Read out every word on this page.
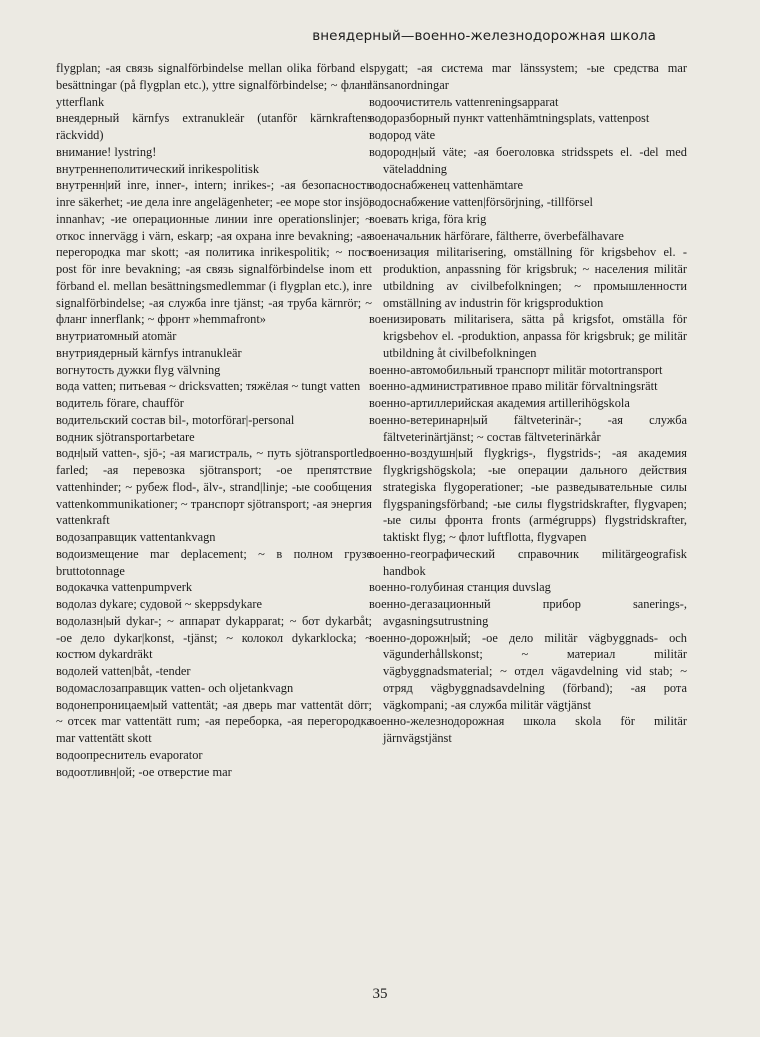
внеядерный—военно-железнодорожная школа

flygplan; -ая связь signalförbindelse mellan olika förband el. besättningar (på flygplan etc.), yttre signalförbindelse; ~ фланг ytterflank

внеядерный kärnfys extranukleär (utanför kärnkraftens räckvidd)

внимание! lystring!

внутреннеполитический inrikespolitisk

внутренн|ий inre, inner-, intern; inrikes-; -ая безопасность inre säkerhet; -ие дела inre angelägenheter; -ее море stor insjö, innanhav; -ие операционные линии inre operationslinjer; ~ откос innervägg i värn, eskarp; -ая охрана inre bevakning; -ая перегородка mar skott; -ая политика inrikespolitik; ~ пост post för inre bevakning; -ая связь signalförbindelse inom ett förband el. mellan besättningsmedlemmar (i flygplan etc.), inre signalförbindelse; -ая служба inre tjänst; -ая труба kärnrör; ~ фланг innerflank; ~ фронт »hemmafront»

внутриатомный atomär

внутриядерный kärnfys intranukleär

вогнутость дужки flyg välvning

вода vatten; питьевая ~ dricksvatten; тяжёлая ~ tungt vatten

водитель förare, chaufför

водительский состав bil-, motorförar|-personal

водник sjötransportarbetare

водн|ый vatten-, sjö-; -ая магистраль, ~ путь sjötransportled, farled; -ая перевозка sjötransport; -ое препятствие vattenhinder; ~ рубеж flod-, älv-, strand|linje; -ые сообщения vattenkommunikationer; ~ транспорт sjötransport; -ая энергия vattenkraft

водозаправщик vattentankvagn

водоизмещение mar deplacement; ~ в полном грузе bruttotonnage

водокачка vattenpumpverk

водолаз dykare; судовой ~ skeppsdykare

водолазн|ый dykar-; ~ аппарат dykapparat; ~ бот dykarbåt; -ое дело dykar|konst, -tjänst; ~ колокол dykarklocka; ~ костюм dykardräkt

водолей vatten|båt, -tender

водомаслозаправщик vatten- och oljetankvagn

водонепроницаем|ый vattentät; -ая дверь mar vattentät dörr; ~ отсек mar vattentätt rum; -ая переборка, -ая перегородка mar vattentätt skott

водоопреснитель evaporator

водоотливн|ой; -ое отверстие mar

spygatt; -ая система mar länssystem; -ые средства mar länsanordningar

водоочиститель vattenreningsapparat

водоразборный пункт vattenhämtningsplats, vattenpost

водород väte

водородн|ый väte; -ая боеголовка stridsspets el. -del med väteladdning

водоснабженец vattenhämtare

водоснабжение vatten|försörjning, -tillförsel

воевать kriga, föra krig

военачальник härförare, fältherre, överbefälhavare

военизация militarisering, omställning för krigsbehov el. -produktion, anpassning för krigsbruk; ~ населения militär utbildning av civilbefolkningen; ~ промышленности omställning av industrin för krigsproduktion

военизировать militarisera, sätta på krigsfot, omställa för krigsbehov el. -produktion, anpassa för krigsbruk; ge militär utbildning åt civilbefolkningen

военно-автомобильный транспорт militär motortransport

военно-административное право militär förvaltningsrätt

военно-артиллерийская академия artillerihögskola

военно-ветеринарн|ый fältveterinär-; -ая служба fältveterinärtjänst; ~ состав fältveterinärkår

военно-воздушн|ый flygkrigs-, flygstrids-; -ая академия flygkrigshögskola; -ые операции дального действия strategiska flygoperationer; -ые разведывательные силы flygspaningsförband; -ые силы flygstridskrafter, flygvapen; -ые силы фронта fronts (armégrupps) flygstridskrafter, taktiskt flyg; ~ флот luftflotta, flygvapen

военно-географический справочник militärgeografisk handbok

военно-голубиная станция duvslag

военно-дегазационный прибор sanerings-, avgasningsutrustning

военно-дорожн|ый; -ое дело militär vägbyggnads- och vägunderhållskonst; ~ материал militär vägbyggnadsmaterial; ~ отдел vägavdelning vid stab; ~ отряд vägbyggnadsavdelning (förband); -ая рота vägkompani; -ая служба militär vägtjänst

военно-железнодорожная школа skola för militär järnvägstjänst

35
